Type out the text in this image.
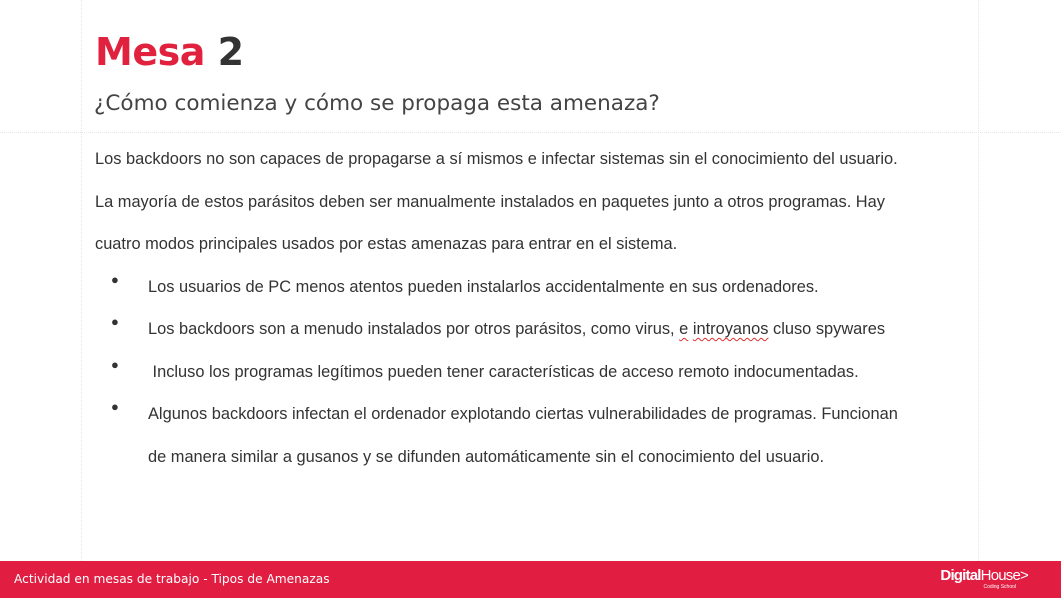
Mesa 2
¿Cómo comienza y cómo se propaga esta amenaza?
Los backdoors no son capaces de propagarse a sí mismos e infectar sistemas sin el conocimiento del usuario.
La mayoría de estos parásitos deben ser manualmente instalados en paquetes junto a otros programas. Hay
cuatro modos principales usados por estas amenazas para entrar en el sistema.
● Los usuarios de PC menos atentos pueden instalarlos accidentalmente en sus ordenadores.
● Los backdoors son a menudo instalados por otros parásitos, como virus, e introyanos cluso spywares
● Incluso los programas legítimos pueden tener características de acceso remoto indocumentadas.
● Algunos backdoors infectan el ordenador explotando ciertas vulnerabilidades de programas. Funcionan
de manera similar a gusanos y se difunden automáticamente sin el conocimiento del usuario.
Actividad en mesas de trabajo - Tipos de Amenazas	DigitalHouse>
Coding School
